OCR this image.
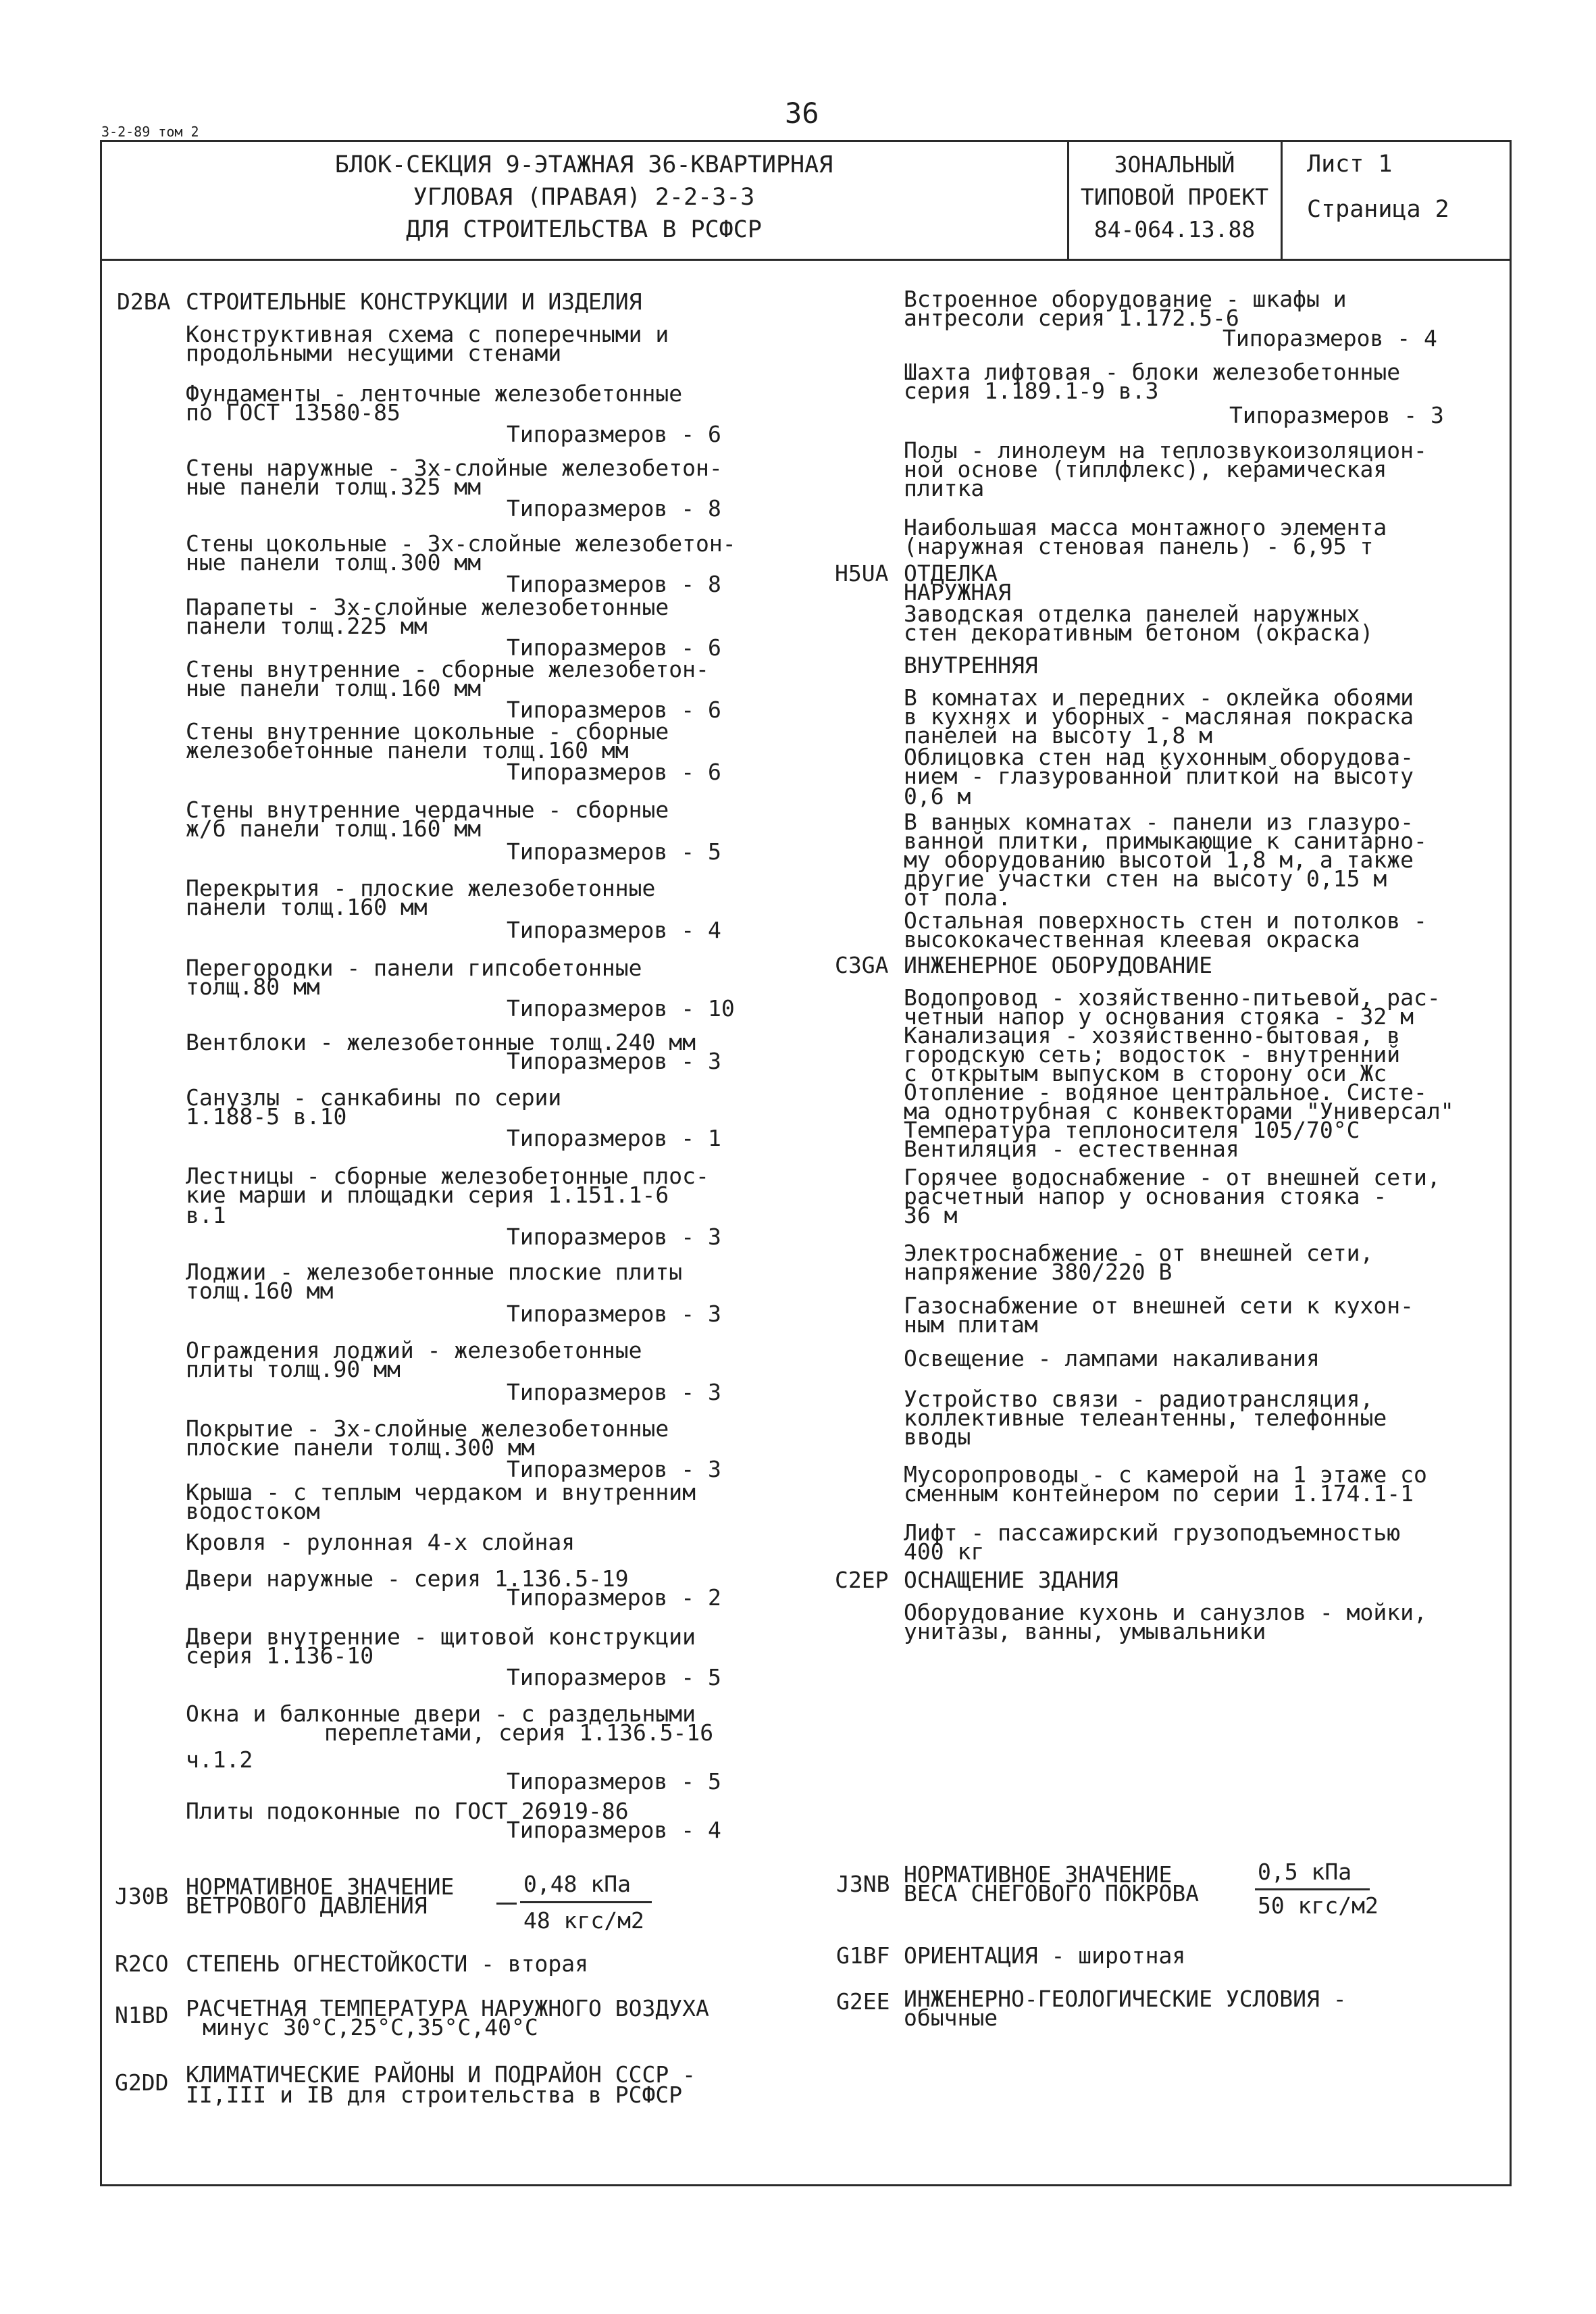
3-2-89 том 2
36
БЛОК-СЕКЦИЯ 9-ЭТАЖНАЯ 36-КВАРТИРНАЯ
УГЛОВАЯ (ПРАВАЯ) 2-2-3-3
ДЛЯ СТРОИТЕЛЬСТВА В РСФСР
ЗОНАЛЬНЫЙ
ТИПОВОЙ ПРОЕКТ
84-064.13.88
Лист 1
Страница 2
D2BA СТРОИТЕЛЬНЫЕ КОНСТРУКЦИИ И ИЗДЕЛИЯ
Конструктивная схема с поперечными и
продольными несущими стенами
Фундаменты - ленточные железобетонные
по ГОСТ 13580-85
Типоразмеров - 6
Стены наружные - 3х-слойные железобетон-
ные панели толщ.325 мм
Типоразмеров - 8
Стены цокольные - 3х-слойные железобетон-
ные панели толщ.300 мм
Типоразмеров - 8
Парапеты - 3х-слойные железобетонные
панели толщ.225 мм
Типоразмеров - 6
Стены внутренние - сборные железобетон-
ные панели толщ.160 мм
Типоразмеров - 6
Стены внутренние цокольные - сборные
железобетонные панели толщ.160 мм
Типоразмеров - 6
Стены внутренние чердачные - сборные
ж/б панели толщ.160 мм
Типоразмеров - 5
Перекрытия - плоские железобетонные
панели толщ.160 мм
Типоразмеров - 4
Перегородки - панели гипсобетонные
толщ.80 мм
Типоразмеров - 10
Вентблоки - железобетонные толщ.240 мм
Типоразмеров - 3
Санузлы - санкабины по серии
1.188-5 в.10
Типоразмеров - 1
Лестницы - сборные железобетонные плос-
кие марши и площадки серия 1.151.1-6
в.1
Типоразмеров - 3
Лоджии - железобетонные плоские плиты
толщ.160 мм
Типоразмеров - 3
Ограждения лоджий - железобетонные
плиты толщ.90 мм
Типоразмеров - 3
Покрытие - 3х-слойные железобетонные
плоские панели толщ.300 мм
Типоразмеров - 3
Крыша - с теплым чердаком и внутренним
водостоком
Кровля - рулонная 4-х слойная
Двери наружные - серия 1.136.5-19
Типоразмеров - 2
Двери внутренние - щитовой конструкции
серия 1.136-10
Типоразмеров - 5
Окна и балконные двери - с раздельными
переплетами, серия 1.136.5-16
ч.1.2
Типоразмеров - 5
Плиты подоконные по ГОСТ 26919-86
Типоразмеров - 4
J30B НОРМАТИВНОЕ ЗНАЧЕНИЕ
ВЕТРОВОГО ДАВЛЕНИЯ
0,48 кПа
48 кгс/м2
R2CO СТЕПЕНЬ ОГНЕСТОЙКОСТИ - вторая
N1BD РАСЧЕТНАЯ ТЕМПЕРАТУРА НАРУЖНОГО ВОЗДУХА
минус 30°С,25°С,35°С,40°С
G2DD КЛИМАТИЧЕСКИЕ РАЙОНЫ И ПОДРАЙОН СССР -
II,III и IB для строительства в РСФСР
Встроенное оборудование - шкафы и
антресоли серия 1.172.5-6
Типоразмеров - 4
Шахта лифтовая - блоки железобетонные
серия 1.189.1-9 в.3
Типоразмеров - 3
Полы - линолеум на теплозвукоизоляцион-
ной основе (типлфлекс), керамическая
плитка
Наибольшая масса монтажного элемента
(наружная стеновая панель) - 6,95 т
H5UA ОТДЕЛКА
НАРУЖНАЯ
Заводская отделка панелей наружных
стен декоративным бетоном (окраска)
ВНУТРЕННЯЯ
В комнатах и передних - оклейка обоями
в кухнях и уборных - масляная покраска
панелей на высоту 1,8 м
Облицовка стен над кухонным оборудова-
нием - глазурованной плиткой на высоту
0,6 м
В ванных комнатах - панели из глазуро-
ванной плитки, примыкающие к санитарно-
му оборудованию высотой 1,8 м, а также
другие участки стен на высоту 0,15 м
от пола.
Остальная поверхность стен и потолков -
высококачественная клеевая окраска
C3GA ИНЖЕНЕРНОЕ ОБОРУДОВАНИЕ
Водопровод - хозяйственно-питьевой, рас-
четный напор у основания стояка - 32 м
Канализация - хозяйственно-бытовая, в
городскую сеть; водосток - внутренний
с открытым выпуском в сторону оси Жс
Отопление - водяное центральное. Систе-
ма однотрубная с конвекторами "Универсал"
Температура теплоносителя 105/70°С
Вентиляция - естественная
Горячее водоснабжение - от внешней сети,
расчетный напор у основания стояка -
36 м
Электроснабжение - от внешней сети,
напряжение 380/220 В
Газоснабжение от внешней сети к кухон-
ным плитам
Освещение - лампами накаливания
Устройство связи - радиотрансляция,
коллективные телеантенны, телефонные
вводы
Мусоропроводы - с камерой на 1 этаже со
сменным контейнером по серии 1.174.1-1
Лифт - пассажирский грузоподъемностью
400 кг
C2EP ОСНАЩЕНИЕ ЗДАНИЯ
Оборудование кухонь и санузлов - мойки,
унитазы, ванны, умывальники
J3NB НОРМАТИВНОЕ ЗНАЧЕНИЕ
ВЕСА СНЕГОВОГО ПОКРОВА
0,5 кПа
50 кгс/м2
G1BF ОРИЕНТАЦИЯ - широтная
G2EE ИНЖЕНЕРНО-ГЕОЛОГИЧЕСКИЕ УСЛОВИЯ -
обычные
